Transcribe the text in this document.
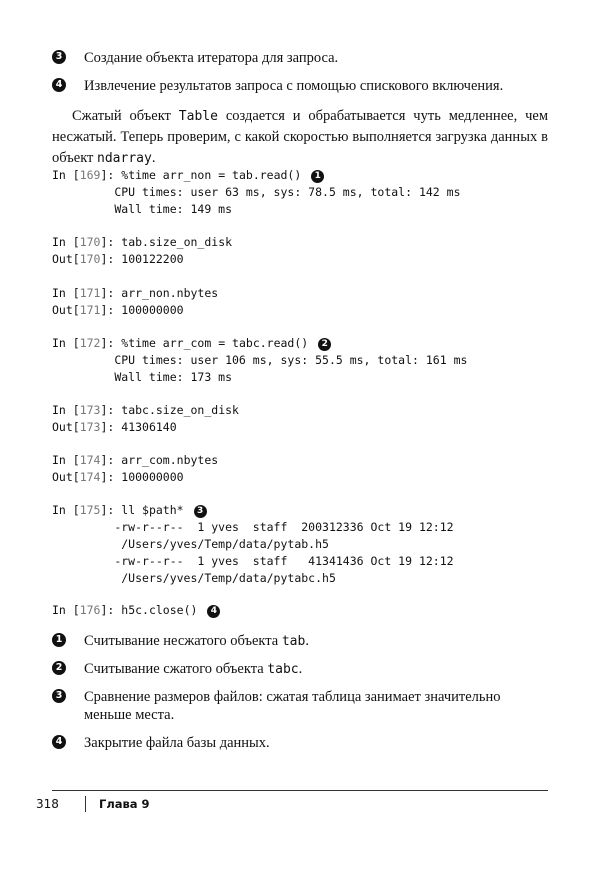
3 Создание объекта итератора для запроса.
4 Извлечение результатов запроса с помощью спискового включения.
Сжатый объект Table создается и обрабатывается чуть медленнее, чем несжатый. Теперь проверим, с какой скоростью выполняется загрузка данных в объект ndarray.
In [169]: %time arr_non = tab.read() 1
CPU times: user 63 ms, sys: 78.5 ms, total: 142 ms
Wall time: 149 ms
In [170]: tab.size_on_disk
Out[170]: 100122200
In [171]: arr_non.nbytes
Out[171]: 100000000
In [172]: %time arr_com = tabc.read() 2
CPU times: user 106 ms, sys: 55.5 ms, total: 161 ms
Wall time: 173 ms
In [173]: tabc.size_on_disk
Out[173]: 41306140
In [174]: arr_com.nbytes
Out[174]: 100000000
In [175]: ll $path* 3
-rw-r--r--  1 yves  staff  200312336 Oct 19 12:12
/Users/yves/Temp/data/pytab.h5
-rw-r--r--  1 yves  staff   41341436 Oct 19 12:12
/Users/yves/Temp/data/pytabc.h5
In [176]: h5c.close() 4
1 Считывание несжатого объекта tab.
2 Считывание сжатого объекта tabc.
3 Сравнение размеров файлов: сжатая таблица занимает значительно
меньше места.
4 Закрытие файла базы данных.
318	Глава 9
